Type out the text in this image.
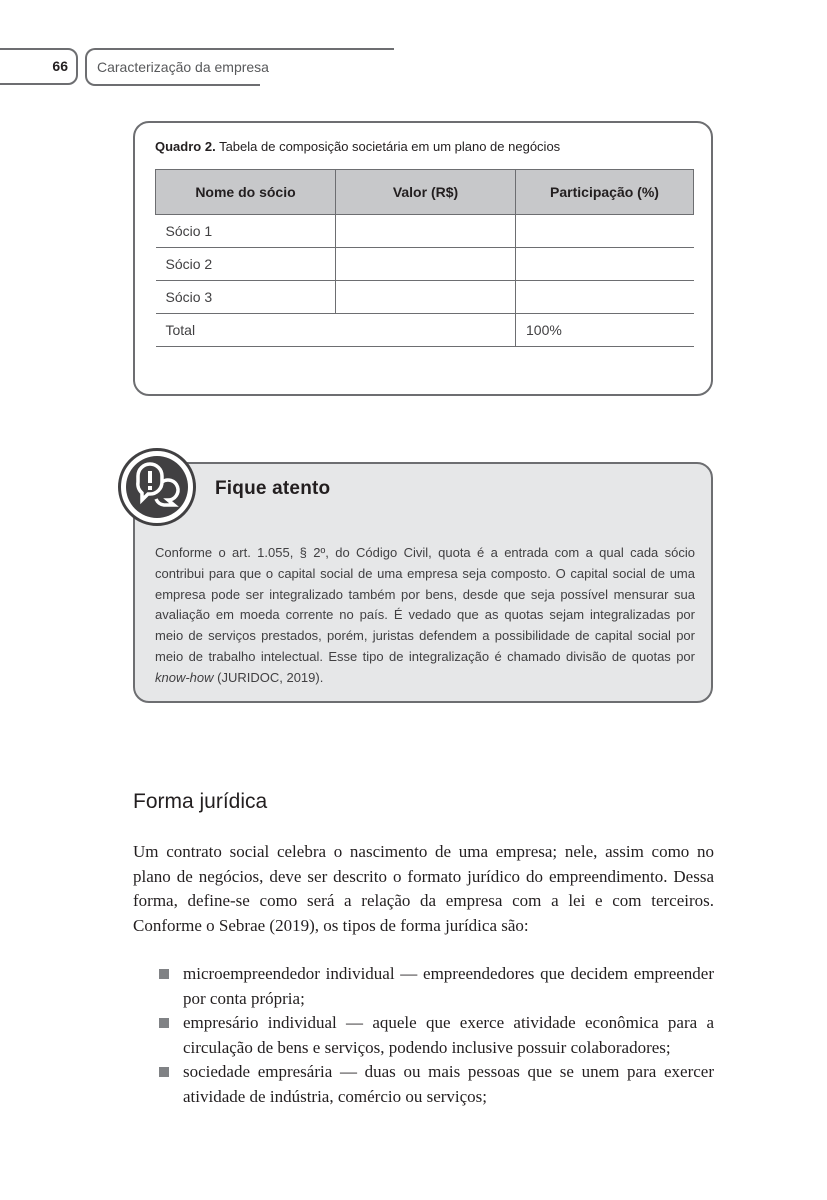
66	Caracterização da empresa
Quadro 2. Tabela de composição societária em um plano de negócios
Nome do sócio	Valor (R$)	Participação (%)
Sócio 1		
Sócio 2		
Sócio 3		
Total		100%
Fique atento
Conforme o art. 1.055, § 2º, do Código Civil, quota é a entrada com a qual cada sócio contribui para que o capital social de uma empresa seja composto. O capital social de uma empresa pode ser integralizado também por bens, desde que seja possível mensurar sua avaliação em moeda corrente no país. É vedado que as quotas sejam integralizadas por meio de serviços prestados, porém, juristas defendem a possibilidade de capital social por meio de trabalho intelectual. Esse tipo de integralização é chamado divisão de quotas por know-how (JURIDOC, 2019).
Forma jurídica
Um contrato social celebra o nascimento de uma empresa; nele, assim como no plano de negócios, deve ser descrito o formato jurídico do empreendimento. Dessa forma, define-se como será a relação da empresa com a lei e com terceiros. Conforme o Sebrae (2019), os tipos de forma jurídica são:
microempreendedor individual — empreendedores que decidem empreender por conta própria;
empresário individual — aquele que exerce atividade econômica para a circulação de bens e serviços, podendo inclusive possuir colaboradores;
sociedade empresária — duas ou mais pessoas que se unem para exercer atividade de indústria, comércio ou serviços;
